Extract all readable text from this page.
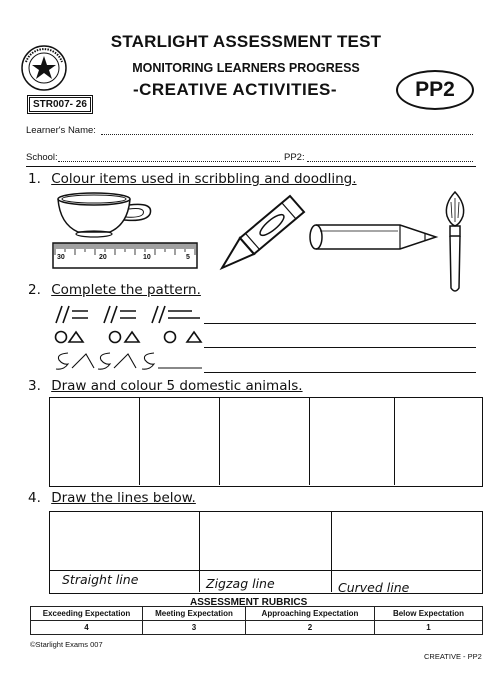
STARLIGHT ASSESSMENT TEST
MONITORING LEARNERS PROGRESS
-CREATIVE ACTIVITIES-
STR007- 26
PP2
Learner's Name:
School:	PP2:
1. Colour items used in scribbling and doodling.
30	20	10	5
2. Complete the pattern.
3. Draw and colour 5 domestic animals.
4. Draw the lines below.
Straight line	Zigzag line	Curved line
ASSESSMENT RUBRICS
Exceeding Expectation	Meeting Expectation	Approaching Expectation	Below Expectation
4	3	2	1
©Starlight Exams 007
CREATIVE - PP2
